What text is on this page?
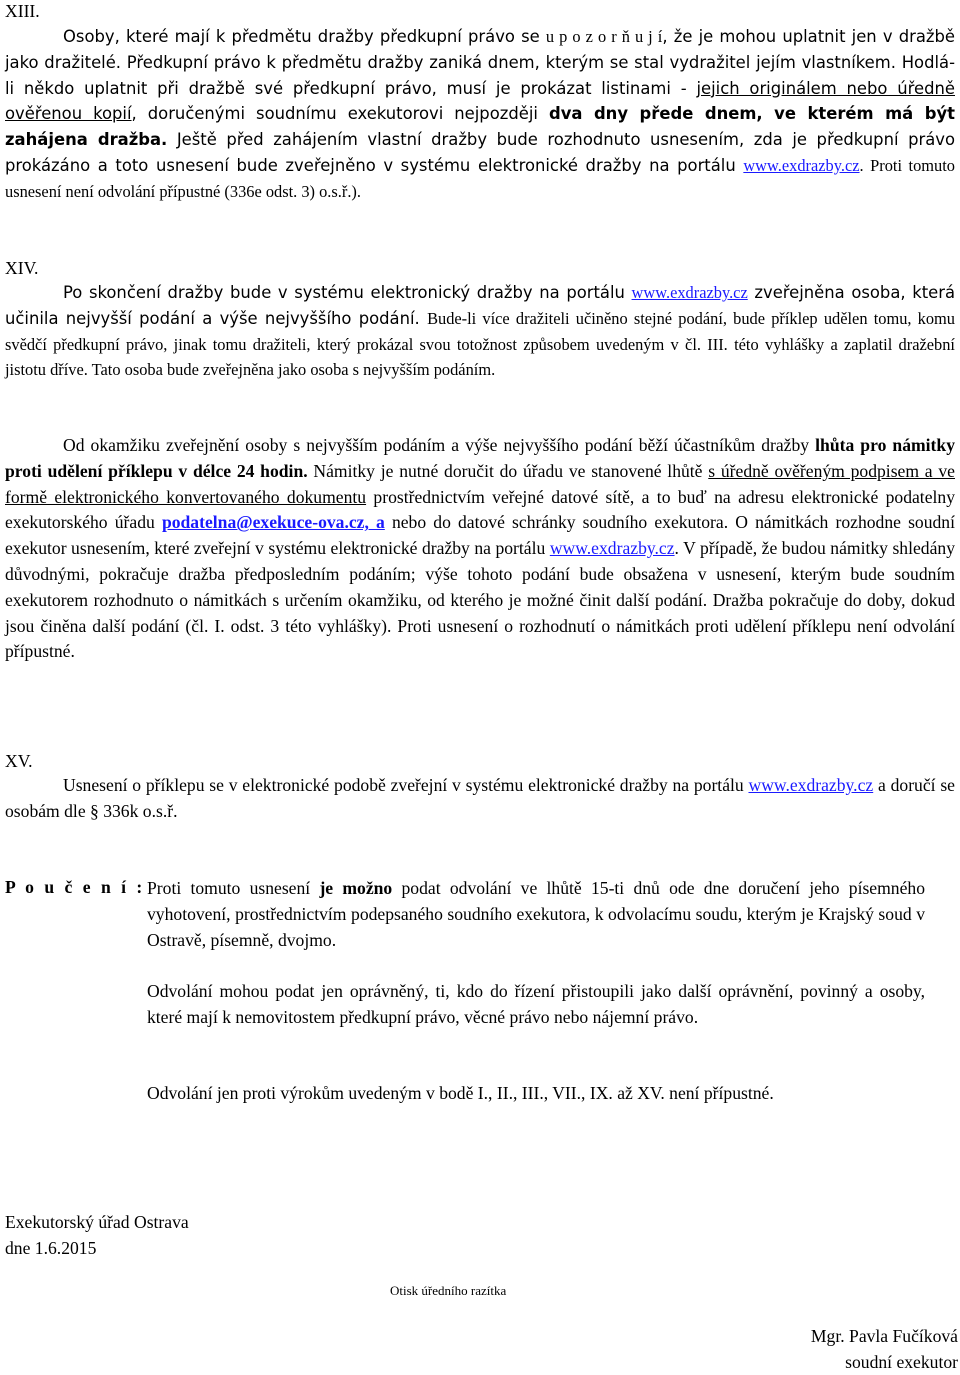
XIII.

Osoby, které mají k předmětu dražby předkupní právo se u p o z o r ň u j í, že je mohou uplatnit jen v dražbě jako dražitelé. Předkupní právo k předmětu dražby zaniká dnem, kterým se stal vydražitel jejím vlastníkem. Hodlá-li někdo uplatnit při dražbě své předkupní právo, musí je prokázat listinami - jejich originálem nebo úředně ověřenou kopií, doručenými soudnímu exekutorovi nejpozději dva dny přede dnem, ve kterém má být zahájena dražba. Ještě před zahájením vlastní dražby bude rozhodnuto usnesením, zda je předkupní právo prokázáno a toto usnesení bude zveřejněno v systému elektronické dražby na portálu www.exdrazby.cz. Proti tomuto usnesení není odvolání přípustné (336e odst. 3) o.s.ř.).

XIV.

Po skončení dražby bude v systému elektronický dražby na portálu www.exdrazby.cz zveřejněna osoba, která učinila nejvyšší podání a výše nejvyššího podání. Bude-li více dražiteli učiněno stejné podání, bude příklep udělen tomu, komu svědčí předkupní právo, jinak tomu dražiteli, který prokázal svou totožnost způsobem uvedeným v čl. III. této vyhlášky a zaplatil dražební jistotu dříve. Tato osoba bude zveřejněna jako osoba s nejvyšším podáním.

Od okamžiku zveřejnění osoby s nejvyšším podáním a výše nejvyššího podání běží účastníkům dražby lhůta pro námitky proti udělení příklepu v délce 24 hodin. Námitky je nutné doručit do úřadu ve stanovené lhůtě s úředně ověřeným podpisem a ve formě elektronického konvertovaného dokumentu prostřednictvím veřejné datové sítě, a to buď na adresu elektronické podatelny exekutorského úřadu podatelna@exekuce-ova.cz, a nebo do datové schránky soudního exekutora. O námitkách rozhodne soudní exekutor usnesením, které zveřejní v systému elektronické dražby na portálu www.exdrazby.cz. V případě, že budou námitky shledány důvodnými, pokračuje dražba předposledním podáním; výše tohoto podání bude obsažena v usnesení, kterým bude soudním exekutorem rozhodnuto o námitkách s určením okamžiku, od kterého je možné činit další podání. Dražba pokračuje do doby, dokud jsou činěna další podání (čl. I. odst. 3 této vyhlášky). Proti usnesení o rozhodnutí o námitkách proti udělení příklepu není odvolání přípustné.

XV.

Usnesení o příklepu se v elektronické podobě zveřejní v systému elektronické dražby na portálu www.exdrazby.cz a doručí se osobám dle § 336k o.s.ř.

P o u č e n í : Proti tomuto usnesení je možno podat odvolání ve lhůtě 15-ti dnů ode dne doručení jeho písemného vyhotovení, prostřednictvím podepsaného soudního exekutora, k odvolacímu soudu, kterým je Krajský soud v Ostravě, písemně, dvojmo.

Odvolání mohou podat jen oprávněný, ti, kdo do řízení přistoupili jako další oprávnění, povinný a osoby, které mají k nemovitostem předkupní právo, věcné právo nebo nájemní právo.

Odvolání jen proti výrokům uvedeným v bodě I., II., III., VII., IX. až XV. není přípustné.

Exekutorský úřad Ostrava

dne 1.6.2015

Otisk úředního razítka

Mgr. Pavla Fučíková

soudní exekutor
